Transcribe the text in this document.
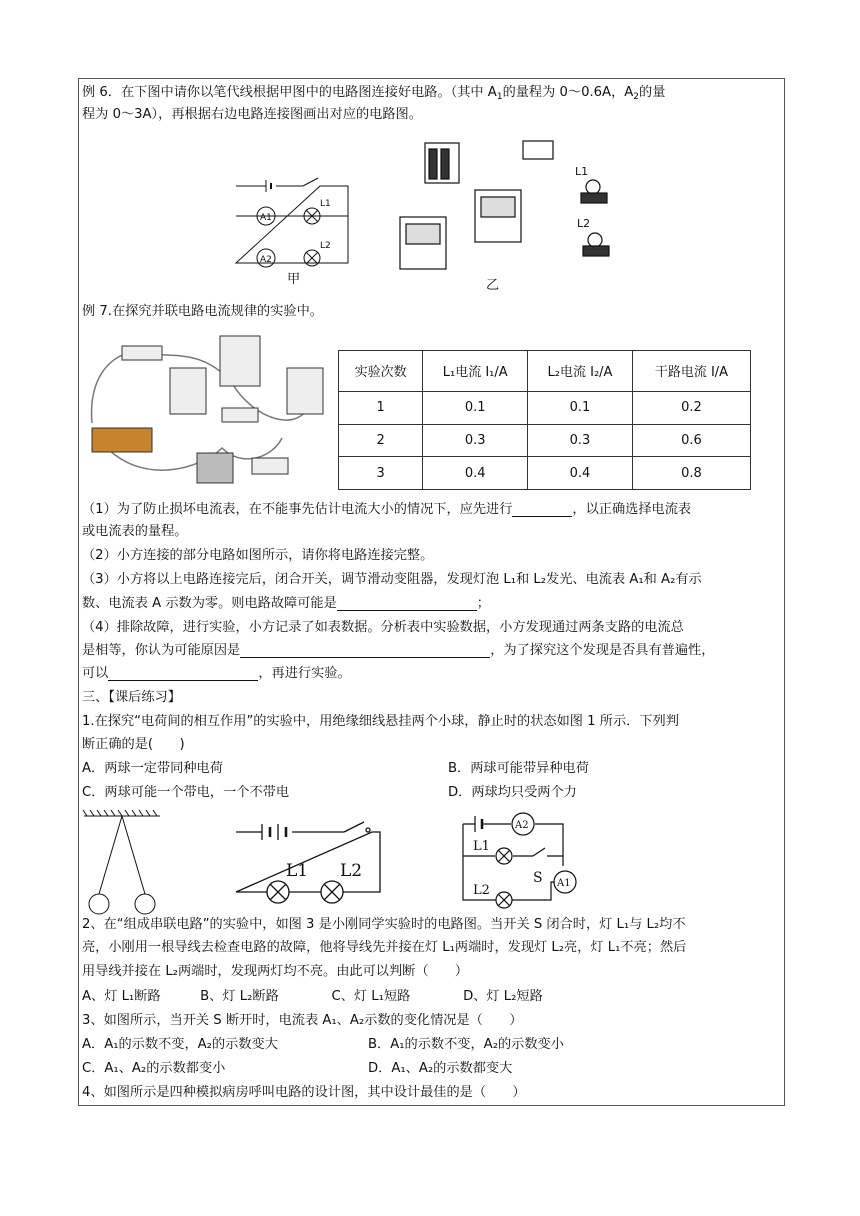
例 6．在下图中请你以笔代线根据甲图中的电路图连接好电路。（其中 $A_1$的量程为 0～0.6A，$A_2$的量
程为 0～3A），再根据右边电路连接图画出对应的电路图。
A1
A2
L1
L2
甲
L1
L2
乙
例 7.在探究并联电路电流规律的实验中。
实验次数	L₁电流 I₁/A	L₂电流 I₂/A	干路电流 I/A
1	0.1	0.1	0.2
2	0.3	0.3	0.6
3	0.4	0.4	0.8
（1）为了防止损坏电流表，在不能事先估计电流大小的情况下，应先进行	，以正确选择电流表
或电流表的量程。
（2）小方连接的部分电路如图所示，请你将电路连接完整。
（3）小方将以上电路连接完后，闭合开关，调节滑动变阻器，发现灯泡 L₁和 L₂发光、电流表 A₁和 A₂有示
数、电流表 A 示数为零。则电路故障可能是	；
（4）排除故障，进行实验，小方记录了如表数据。分析表中实验数据，小方发现通过两条支路的电流总
是相等，你认为可能原因是	，为了探究这个发现是否具有普遍性，
可以	，再进行实验。
三、【课后练习】
1.在探究“电荷间的相互作用”的实验中，用绝缘细线悬挂两个小球，静止时的状态如图 1 所示．下列判
断正确的是(　　)
A．两球一定带同种电荷	B．两球可能带异种电荷
C．两球可能一个带电，一个不带电	D．两球均只受两个力
L1 L2
A2
A1
L1
L2
S
2、在“组成串联电路”的实验中，如图 3 是小刚同学实验时的电路图。当开关 S 闭合时，灯 L₁与 L₂均不
亮，小刚用一根导线去检查电路的故障，他将导线先并接在灯 L₁两端时，发现灯 L₂亮，灯 L₁不亮；然后
用导线并接在 L₂两端时，发现两灯均不亮。由此可以判断（　　）
A、灯 L₁断路　　　B、灯 L₂断路　　　　C、灯 L₁短路　　　　D、灯 L₂短路
3、如图所示，当开关 S 断开时，电流表 A₁、A₂示数的变化情况是（　　）
A．A₁的示数不变，A₂的示数变大	B．A₁的示数不变，A₂的示数变小
C．A₁、A₂的示数都变小	D．A₁、A₂的示数都变大
4、如图所示是四种模拟病房呼叫电路的设计图，其中设计最佳的是（　　）
